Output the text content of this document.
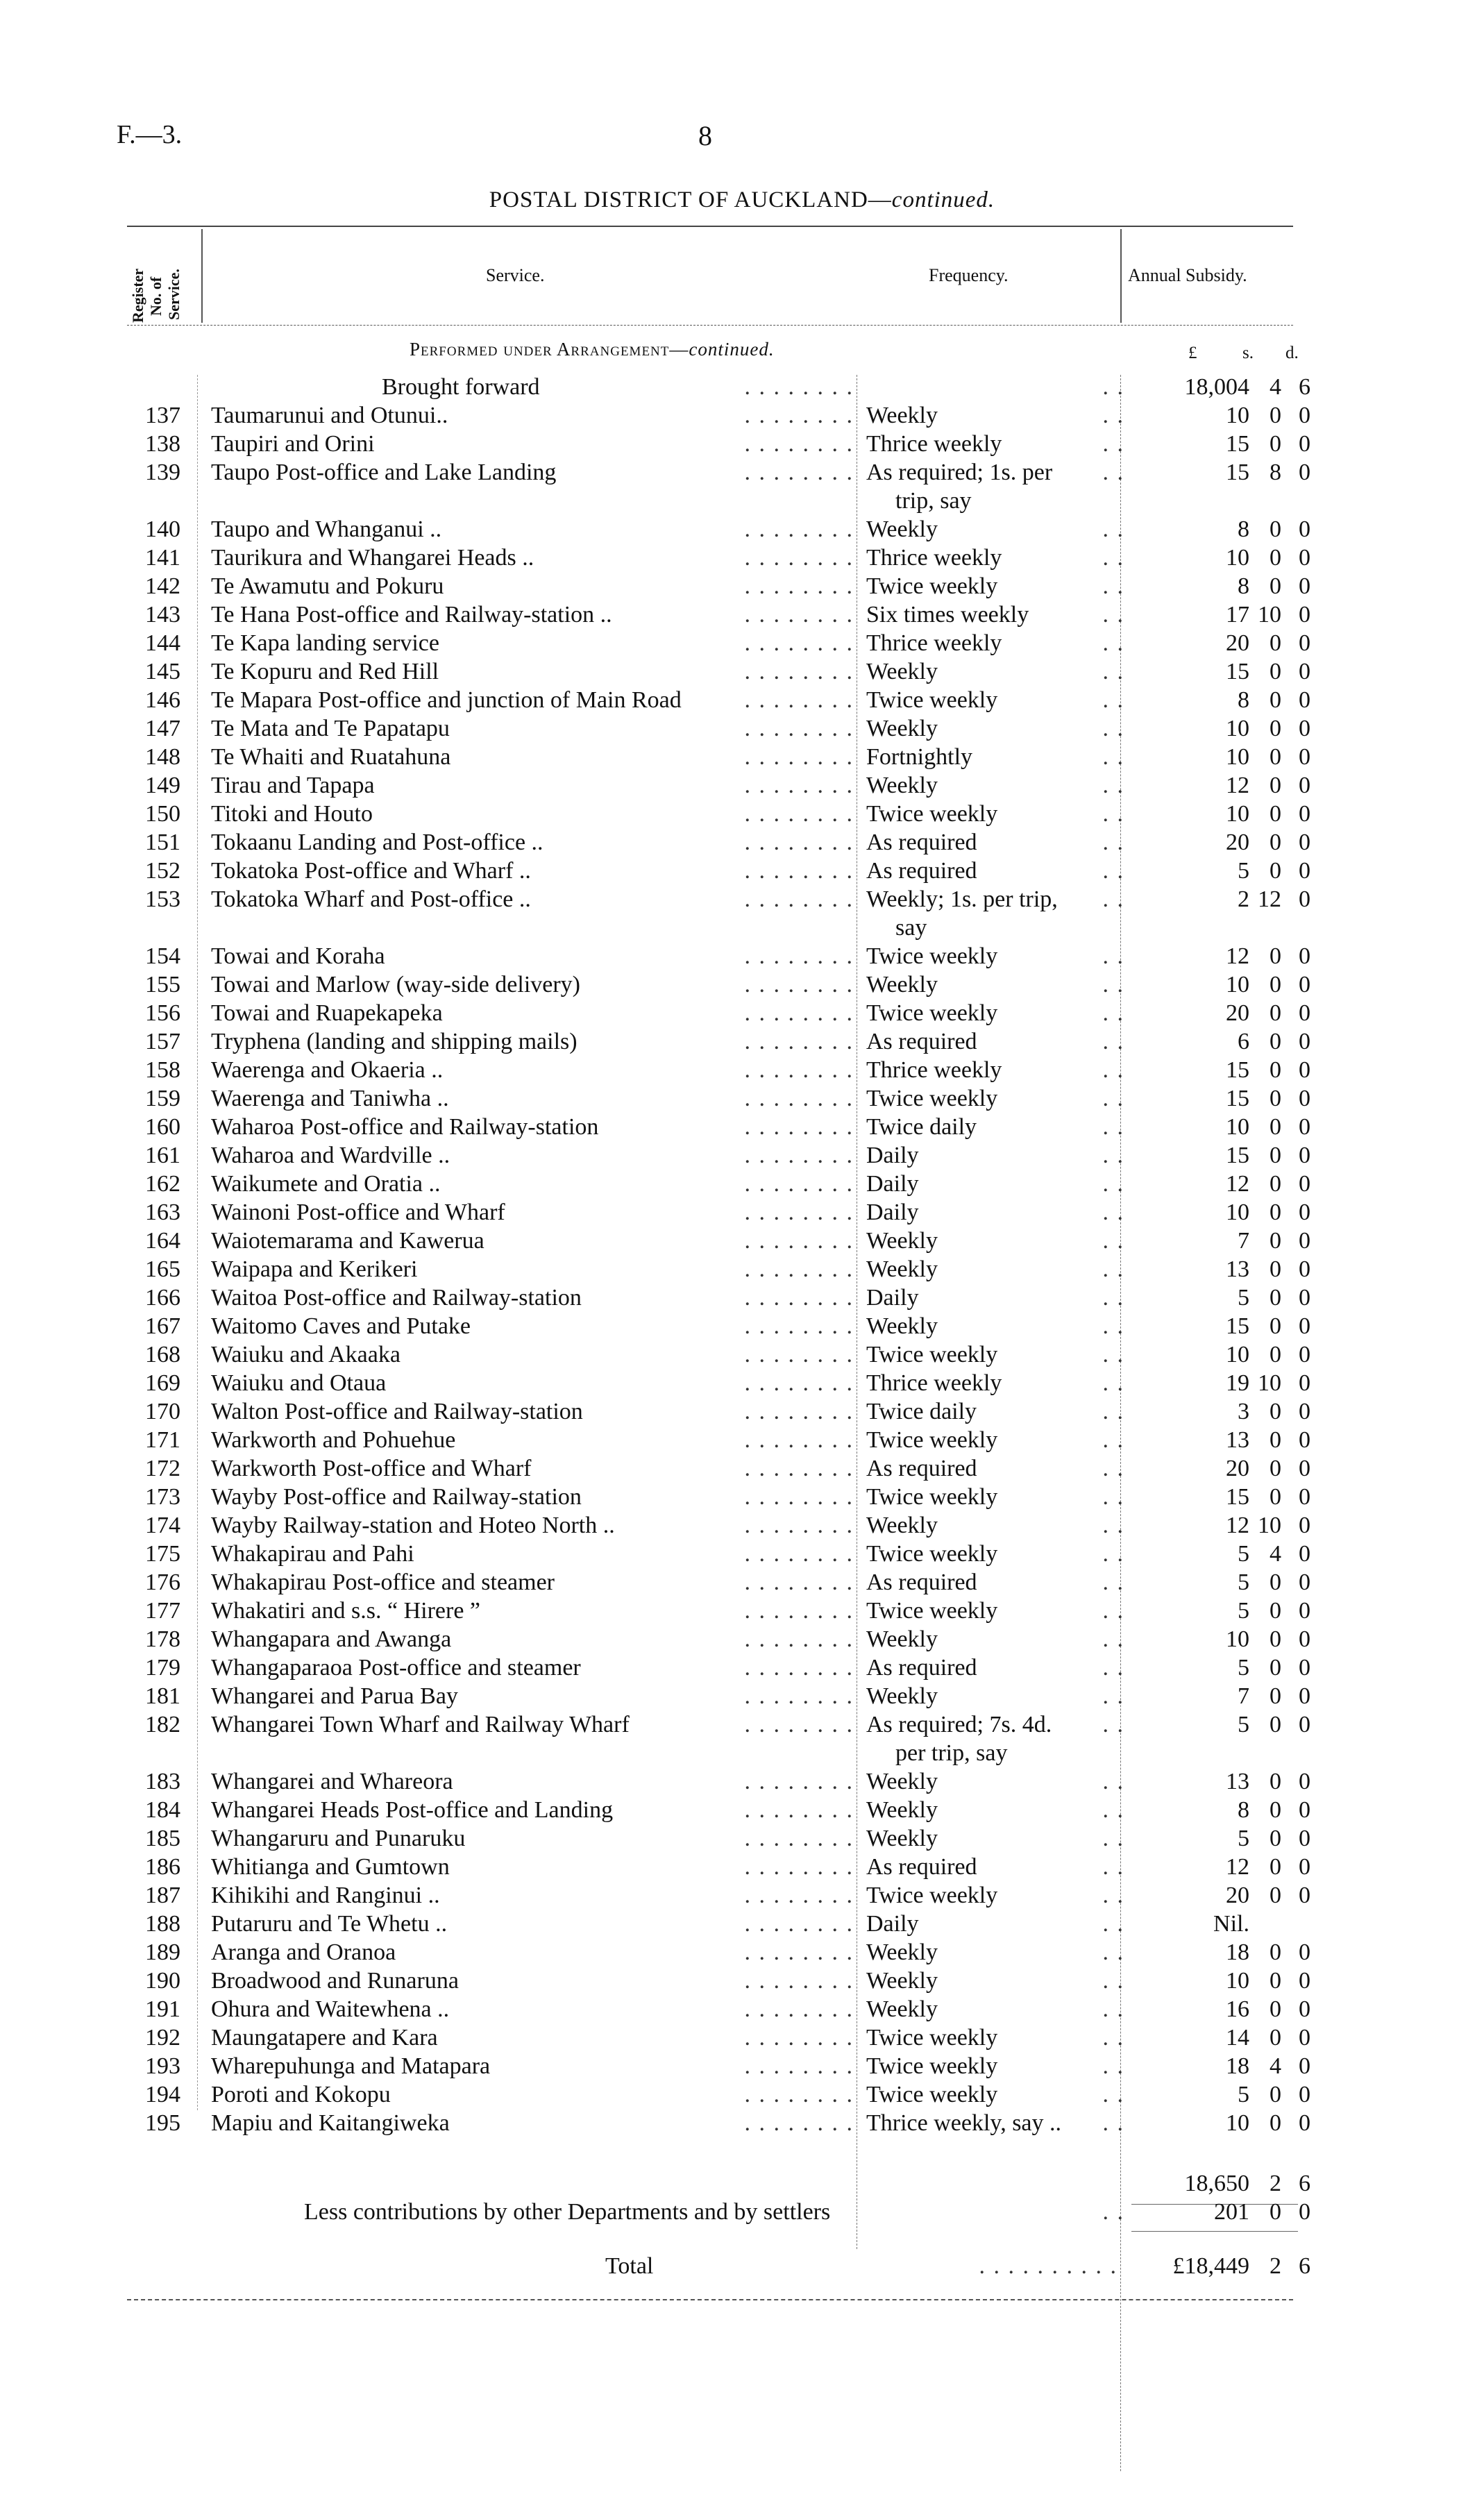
F.—3.	8
POSTAL DISTRICT OF AUCKLAND—continued.
Register No. of Service.	Service.	Frequency.	Annual Subsidy.
Performed under Arrangement—continued.	£	s. d.
Brought forward	. . . . . . . .	. .	18,004 4 6
137 Taumarunui and Otunui..	. . . . . . . . Weekly	. .	10 0 0
138 Taupiri and Orini	. . . . . . . . Thrice weekly	. .	15 0 0
139 Taupo Post-office and Lake Landing	. . . . . . . . As required; 1s. per	. .	15 8 0
trip, say
140 Taupo and Whanganui ..	. . . . . . . . Weekly	. .	8 0 0
141 Taurikura and Whangarei Heads ..	. . . . . . . . Thrice weekly	. .	10 0 0
142 Te Awamutu and Pokuru	. . . . . . . . Twice weekly	. .	8 0 0
143 Te Hana Post-office and Railway-station ..	. . . . . . . . Six times weekly	. .	17 10 0
144 Te Kapa landing service	. . . . . . . . Thrice weekly	. .	20 0 0
145 Te Kopuru and Red Hill	. . . . . . . . Weekly	. .	15 0 0
146 Te Mapara Post-office and junction of Main Road	. . . . . . . . Twice weekly	. .	8 0 0
147 Te Mata and Te Papatapu	. . . . . . . . Weekly	. .	10 0 0
148 Te Whaiti and Ruatahuna	. . . . . . . . Fortnightly	. .	10 0 0
149 Tirau and Tapapa	. . . . . . . . Weekly	. .	12 0 0
150 Titoki and Houto	. . . . . . . . Twice weekly	. .	10 0 0
151 Tokaanu Landing and Post-office ..	. . . . . . . . As required	. .	20 0 0
152 Tokatoka Post-office and Wharf ..	. . . . . . . . As required	. .	5 0 0
153 Tokatoka Wharf and Post-office ..	. . . . . . . . Weekly; 1s. per trip,	. .	2 12 0
say
154 Towai and Koraha	. . . . . . . . Twice weekly	. .	12 0 0
155 Towai and Marlow (way-side delivery)	. . . . . . . . Weekly	. .	10 0 0
156 Towai and Ruapekapeka	. . . . . . . . Twice weekly	. .	20 0 0
157 Tryphena (landing and shipping mails)	. . . . . . . . As required	. .	6 0 0
158 Waerenga and Okaeria ..	. . . . . . . . Thrice weekly	. .	15 0 0
159 Waerenga and Taniwha ..	. . . . . . . . Twice weekly	. .	15 0 0
160 Waharoa Post-office and Railway-station	. . . . . . . . Twice daily	. .	10 0 0
161 Waharoa and Wardville ..	. . . . . . . . Daily	. .	15 0 0
162 Waikumete and Oratia ..	. . . . . . . . Daily	. .	12 0 0
163 Wainoni Post-office and Wharf	. . . . . . . . Daily	. .	10 0 0
164 Waiotemarama and Kawerua	. . . . . . . . Weekly	. .	7 0 0
165 Waipapa and Kerikeri	. . . . . . . . Weekly	. .	13 0 0
166 Waitoa Post-office and Railway-station	. . . . . . . . Daily	. .	5 0 0
167 Waitomo Caves and Putake	. . . . . . . . Weekly	. .	15 0 0
168 Waiuku and Akaaka	. . . . . . . . Twice weekly	. .	10 0 0
169 Waiuku and Otaua	. . . . . . . . Thrice weekly	. .	19 10 0
170 Walton Post-office and Railway-station	. . . . . . . . Twice daily	. .	3 0 0
171 Warkworth and Pohuehue	. . . . . . . . Twice weekly	. .	13 0 0
172 Warkworth Post-office and Wharf	. . . . . . . . As required	. .	20 0 0
173 Wayby Post-office and Railway-station	. . . . . . . . Twice weekly	. .	15 0 0
174 Wayby Railway-station and Hoteo North ..	. . . . . . . . Weekly	. .	12 10 0
175 Whakapirau and Pahi	. . . . . . . . Twice weekly	. .	5 4 0
176 Whakapirau Post-office and steamer	. . . . . . . . As required	. .	5 0 0
177 Whakatiri and s.s. “ Hirere ”	. . . . . . . . Twice weekly	. .	5 0 0
178 Whangapara and Awanga	. . . . . . . . Weekly	. .	10 0 0
179 Whangaparaoa Post-office and steamer	. . . . . . . . As required	. .	5 0 0
181 Whangarei and Parua Bay	. . . . . . . . Weekly	. .	7 0 0
182 Whangarei Town Wharf and Railway Wharf	. . . . . . . . As required; 7s. 4d.	. .	5 0 0
per trip, say
183 Whangarei and Whareora	. . . . . . . . Weekly	. .	13 0 0
184 Whangarei Heads Post-office and Landing	. . . . . . . . Weekly	. .	8 0 0
185 Whangaruru and Punaruku	. . . . . . . . Weekly	. .	5 0 0
186 Whitianga and Gumtown	. . . . . . . . As required	. .	12 0 0
187 Kihikihi and Ranginui ..	. . . . . . . . Twice weekly	. .	20 0 0
188 Putaruru and Te Whetu ..	. . . . . . . . Daily	. .	Nil.
189 Aranga and Oranoa	. . . . . . . . Weekly	. .	18 0 0
190 Broadwood and Runaruna	. . . . . . . . Weekly	. .	10 0 0
191 Ohura and Waitewhena ..	. . . . . . . . Weekly	. .	16 0 0
192 Maungatapere and Kara	. . . . . . . . Twice weekly	. .	14 0 0
193 Wharepuhunga and Matapara	. . . . . . . . Twice weekly	. .	18 4 0
194 Poroti and Kokopu	. . . . . . . . Twice weekly	. .	5 0 0
195 Mapiu and Kaitangiweka	. . . . . . . . Thrice weekly, say ..	. .	10 0 0
18,650 2 6
Less contributions by other Departments and by settlers	. .	201 0 0
Total	. . . . . . . . . .	£18,449 2 6
